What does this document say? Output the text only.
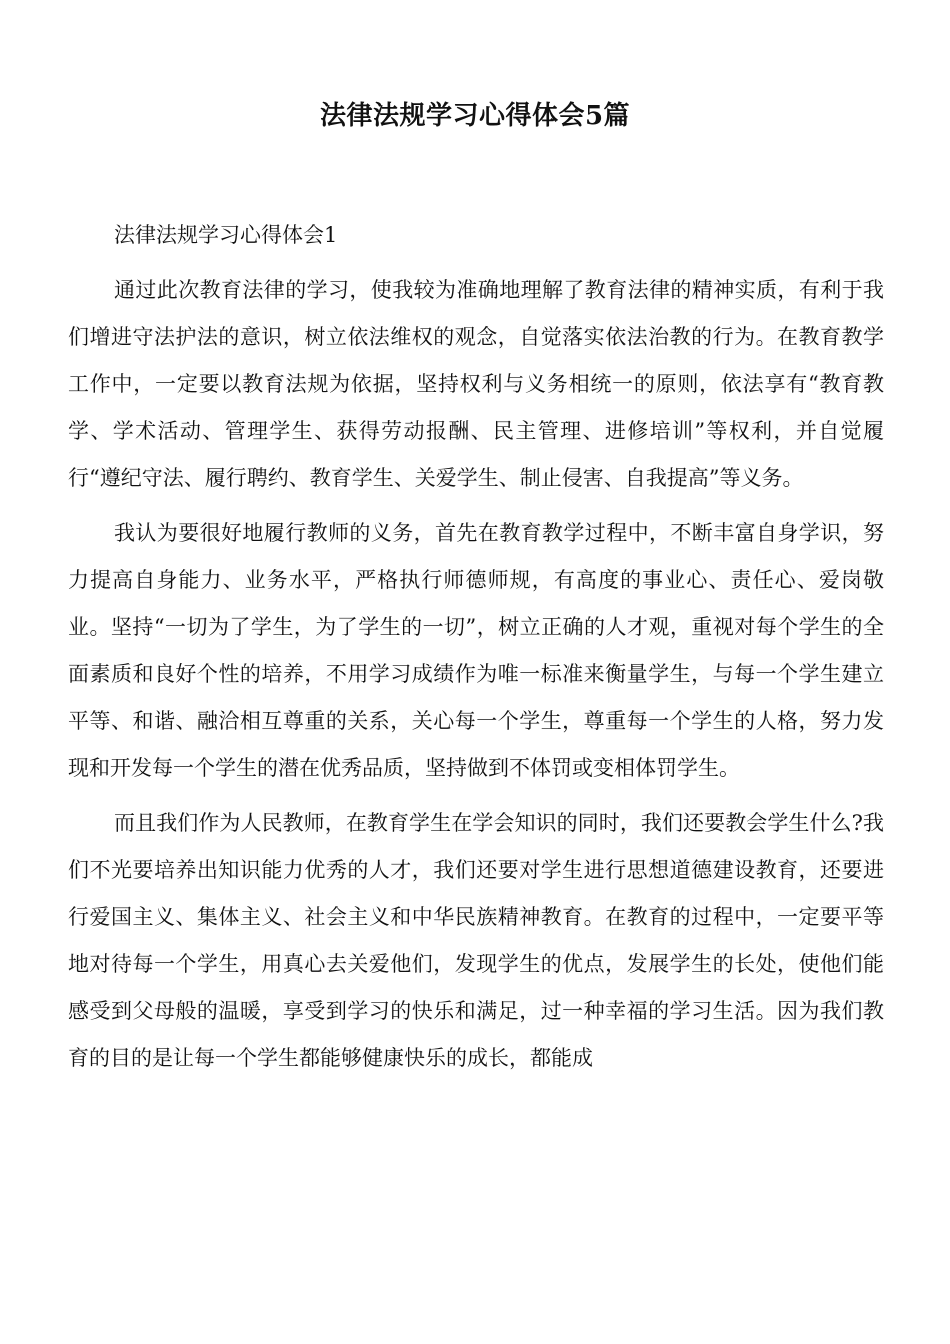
法律法规学习心得体会5篇

法律法规学习心得体会1

通过此次教育法律的学习，使我较为准确地理解了教育法律的精神实质，有利于我们增进守法护法的意识，树立依法维权的观念，自觉落实依法治教的行为。在教育教学工作中，一定要以教育法规为依据，坚持权利与义务相统一的原则，依法享有“教育教学、学术活动、管理学生、获得劳动报酬、民主管理、进修培训”等权利，并自觉履行“遵纪守法、履行聘约、教育学生、关爱学生、制止侵害、自我提高”等义务。

我认为要很好地履行教师的义务，首先在教育教学过程中，不断丰富自身学识，努力提高自身能力、业务水平，严格执行师德师规，有高度的事业心、责任心、爱岗敬业。坚持“一切为了学生，为了学生的一切”，树立正确的人才观，重视对每个学生的全面素质和良好个性的培养，不用学习成绩作为唯一标准来衡量学生，与每一个学生建立平等、和谐、融洽相互尊重的关系，关心每一个学生，尊重每一个学生的人格，努力发现和开发每一个学生的潜在优秀品质，坚持做到不体罚或变相体罚学生。

而且我们作为人民教师，在教育学生在学会知识的同时，我们还要教会学生什么?我们不光要培养出知识能力优秀的人才，我们还要对学生进行思想道德建设教育，还要进行爱国主义、集体主义、社会主义和中华民族精神教育。在教育的过程中，一定要平等地对待每一个学生，用真心去关爱他们，发现学生的优点，发展学生的长处，使他们能感受到父母般的温暖，享受到学习的快乐和满足，过一种幸福的学习生活。因为我们教育的目的是让每一个学生都能够健康快乐的成长，都能成
